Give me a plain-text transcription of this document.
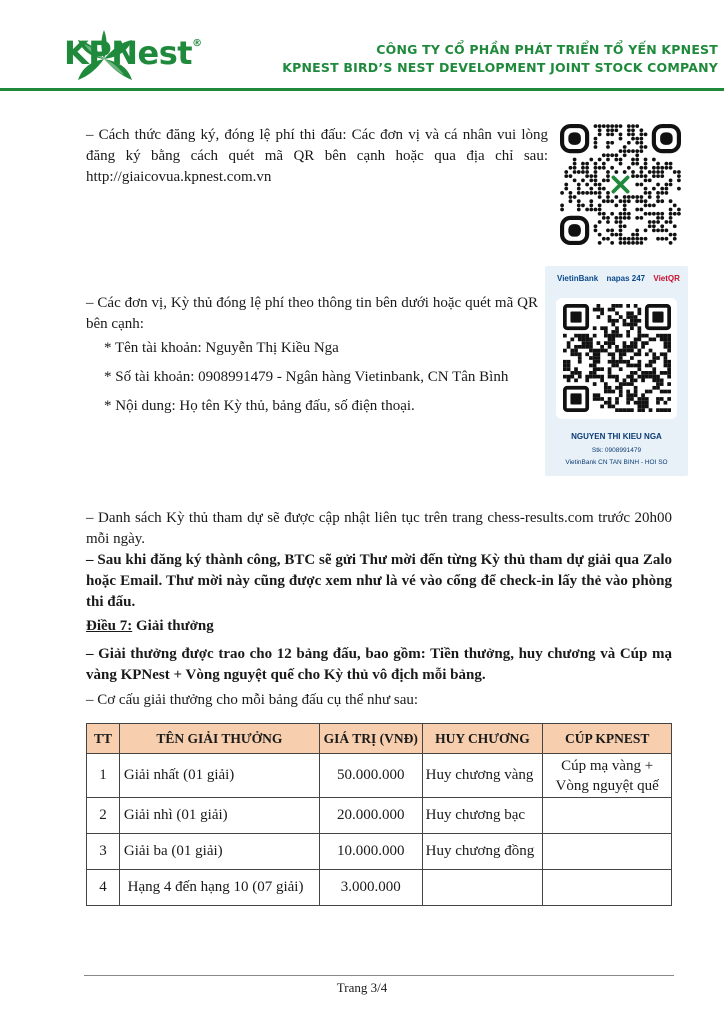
KPNest®	CÔNG TY CỔ PHẦN PHÁT TRIỂN TỔ YẾN KPNEST
KPNEST BIRD’S NEST DEVELOPMENT JOINT STOCK COMPANY

– Cách thức đăng ký, đóng lệ phí thi đấu: Các đơn vị và cá nhân vui lòng đăng ký bằng cách quét mã QR bên cạnh hoặc qua địa chỉ sau: http://giaicovua.kpnest.com.vn

– Các đơn vị, Kỳ thủ đóng lệ phí theo thông tin bên dưới hoặc quét mã QR bên cạnh:

* Tên tài khoản: Nguyễn Thị Kiều Nga

* Số tài khoản: 0908991479 - Ngân hàng Vietinbank, CN Tân Bình

* Nội dung: Họ tên Kỳ thủ, bảng đấu, số điện thoại.

VietinBank napas 247 VietQR
NGUYEN THI KIEU NGA
Stk: 0908991479
VietinBank CN TAN BINH - HOI SO

– Danh sách Kỳ thủ tham dự sẽ được cập nhật liên tục trên trang chess-results.com trước 20h00 mỗi ngày.

– Sau khi đăng ký thành công, BTC sẽ gửi Thư mời đến từng Kỳ thủ tham dự giải qua Zalo hoặc Email. Thư mời này cũng được xem như là vé vào cổng để check-in lấy thẻ vào phòng thi đấu.

Điều 7: Giải thưởng

– Giải thưởng được trao cho 12 bảng đấu, bao gồm: Tiền thưởng, huy chương và Cúp mạ vàng KPNest + Vòng nguyệt quế cho Kỳ thủ vô địch mỗi bảng.

– Cơ cấu giải thưởng cho mỗi bảng đấu cụ thể như sau:

TT	TÊN GIẢI THƯỞNG	GIÁ TRỊ (VNĐ)	HUY CHƯƠNG	CÚP KPNEST
1	Giải nhất (01 giải)	50.000.000	Huy chương vàng	Cúp mạ vàng + Vòng nguyệt quế
2	Giải nhì (01 giải)	20.000.000	Huy chương bạc	
3	Giải ba (01 giải)	10.000.000	Huy chương đồng	
4	Hạng 4 đến hạng 10 (07 giải)	3.000.000		
Trang 3/4
